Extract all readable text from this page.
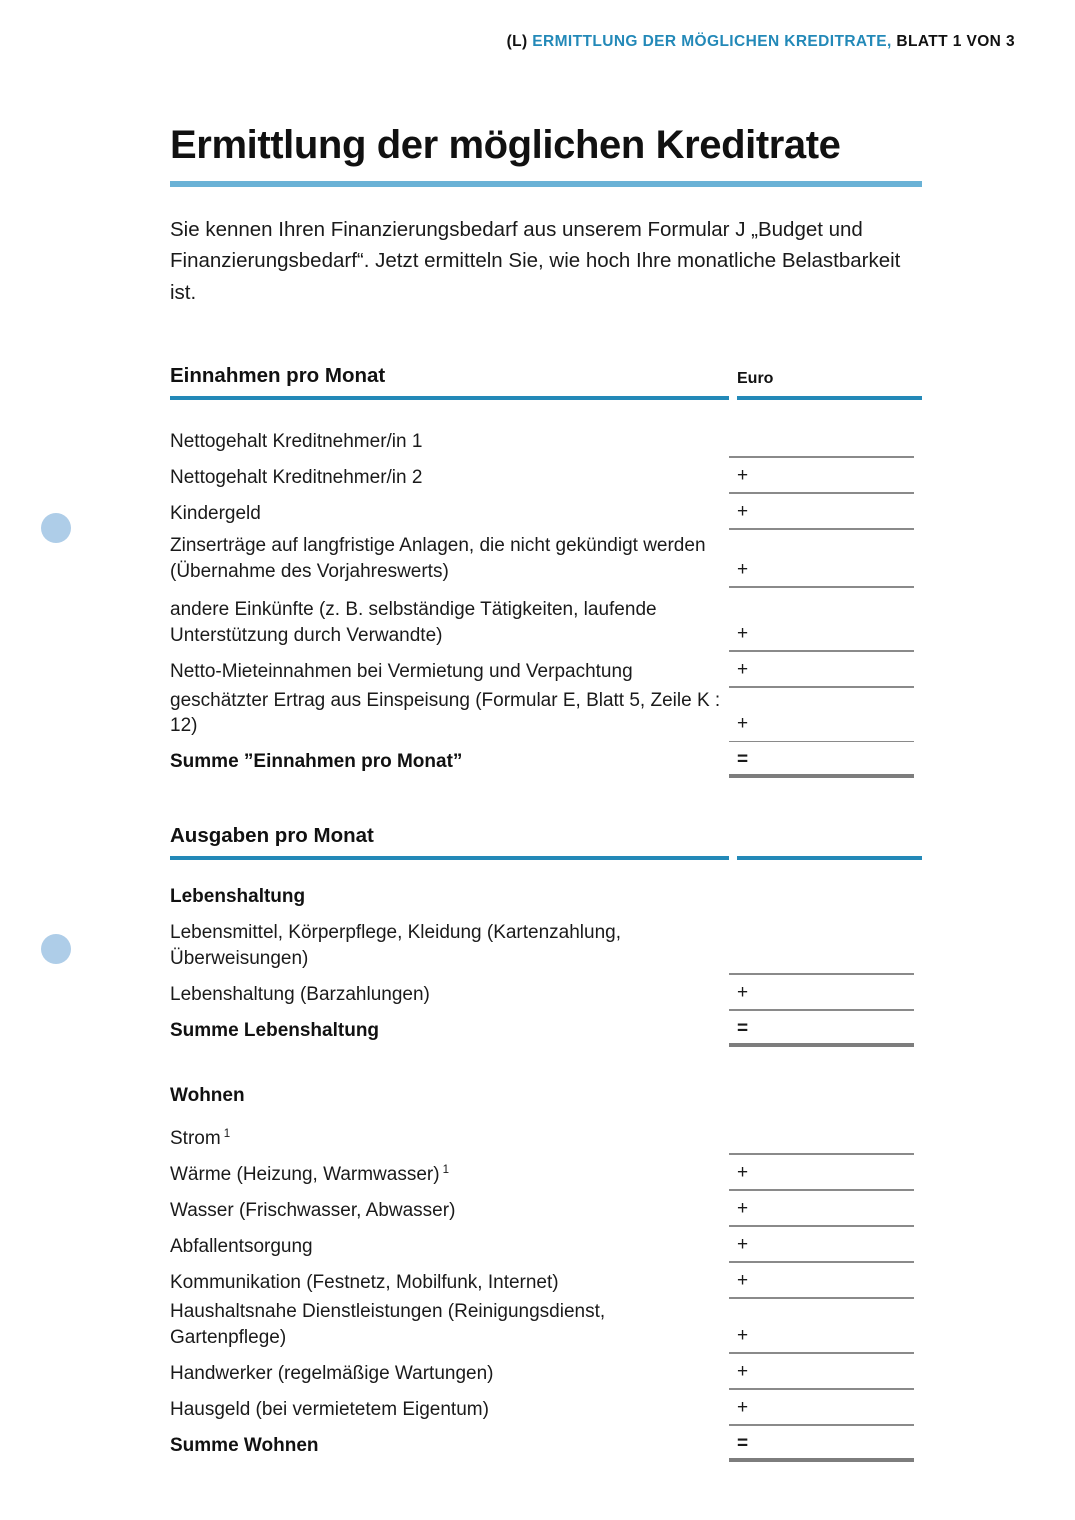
(L) ERMITTLUNG DER MÖGLICHEN KREDITRATE, BLATT 1 VON 3
Ermittlung der möglichen Kreditrate

Sie kennen Ihren Finanzierungsbedarf aus unserem Formular J „Budget und Finanzierungsbedarf“. Jetzt ermitteln Sie, wie hoch Ihre monatliche Belastbarkeit ist.

Einnahmen pro Monat	Euro
Nettogehalt Kreditnehmer/in 1
Nettogehalt Kreditnehmer/in 2	+
Kindergeld	+
Zinserträge auf langfristige Anlagen, die nicht gekündigt werden (Übernahme des Vorjahreswerts)	+
andere Einkünfte (z. B. selbständige Tätigkeiten, laufende Unterstützung durch Verwandte)	+
Netto-Mieteinnahmen bei Vermietung und Verpachtung	+
geschätzter Ertrag aus Einspeisung (Formular E, Blatt 5, Zeile K : 12)	+
Summe ”Einnahmen pro Monat”	=
Ausgaben pro Monat
Lebenshaltung
Lebensmittel, Körperpflege, Kleidung (Kartenzahlung, Überweisungen)
Lebenshaltung (Barzahlungen)	+
Summe Lebenshaltung	=
Wohnen
Strom $^1$
Wärme (Heizung, Warmwasser) $^1$	+
Wasser (Frischwasser, Abwasser)	+
Abfallentsorgung	+
Kommunikation (Festnetz, Mobilfunk, Internet)	+
Haushaltsnahe Dienstleistungen (Reinigungsdienst, Gartenpflege)	+
Handwerker (regelmäßige Wartungen)	+
Hausgeld (bei vermietetem Eigentum)	+
Summe Wohnen	=
